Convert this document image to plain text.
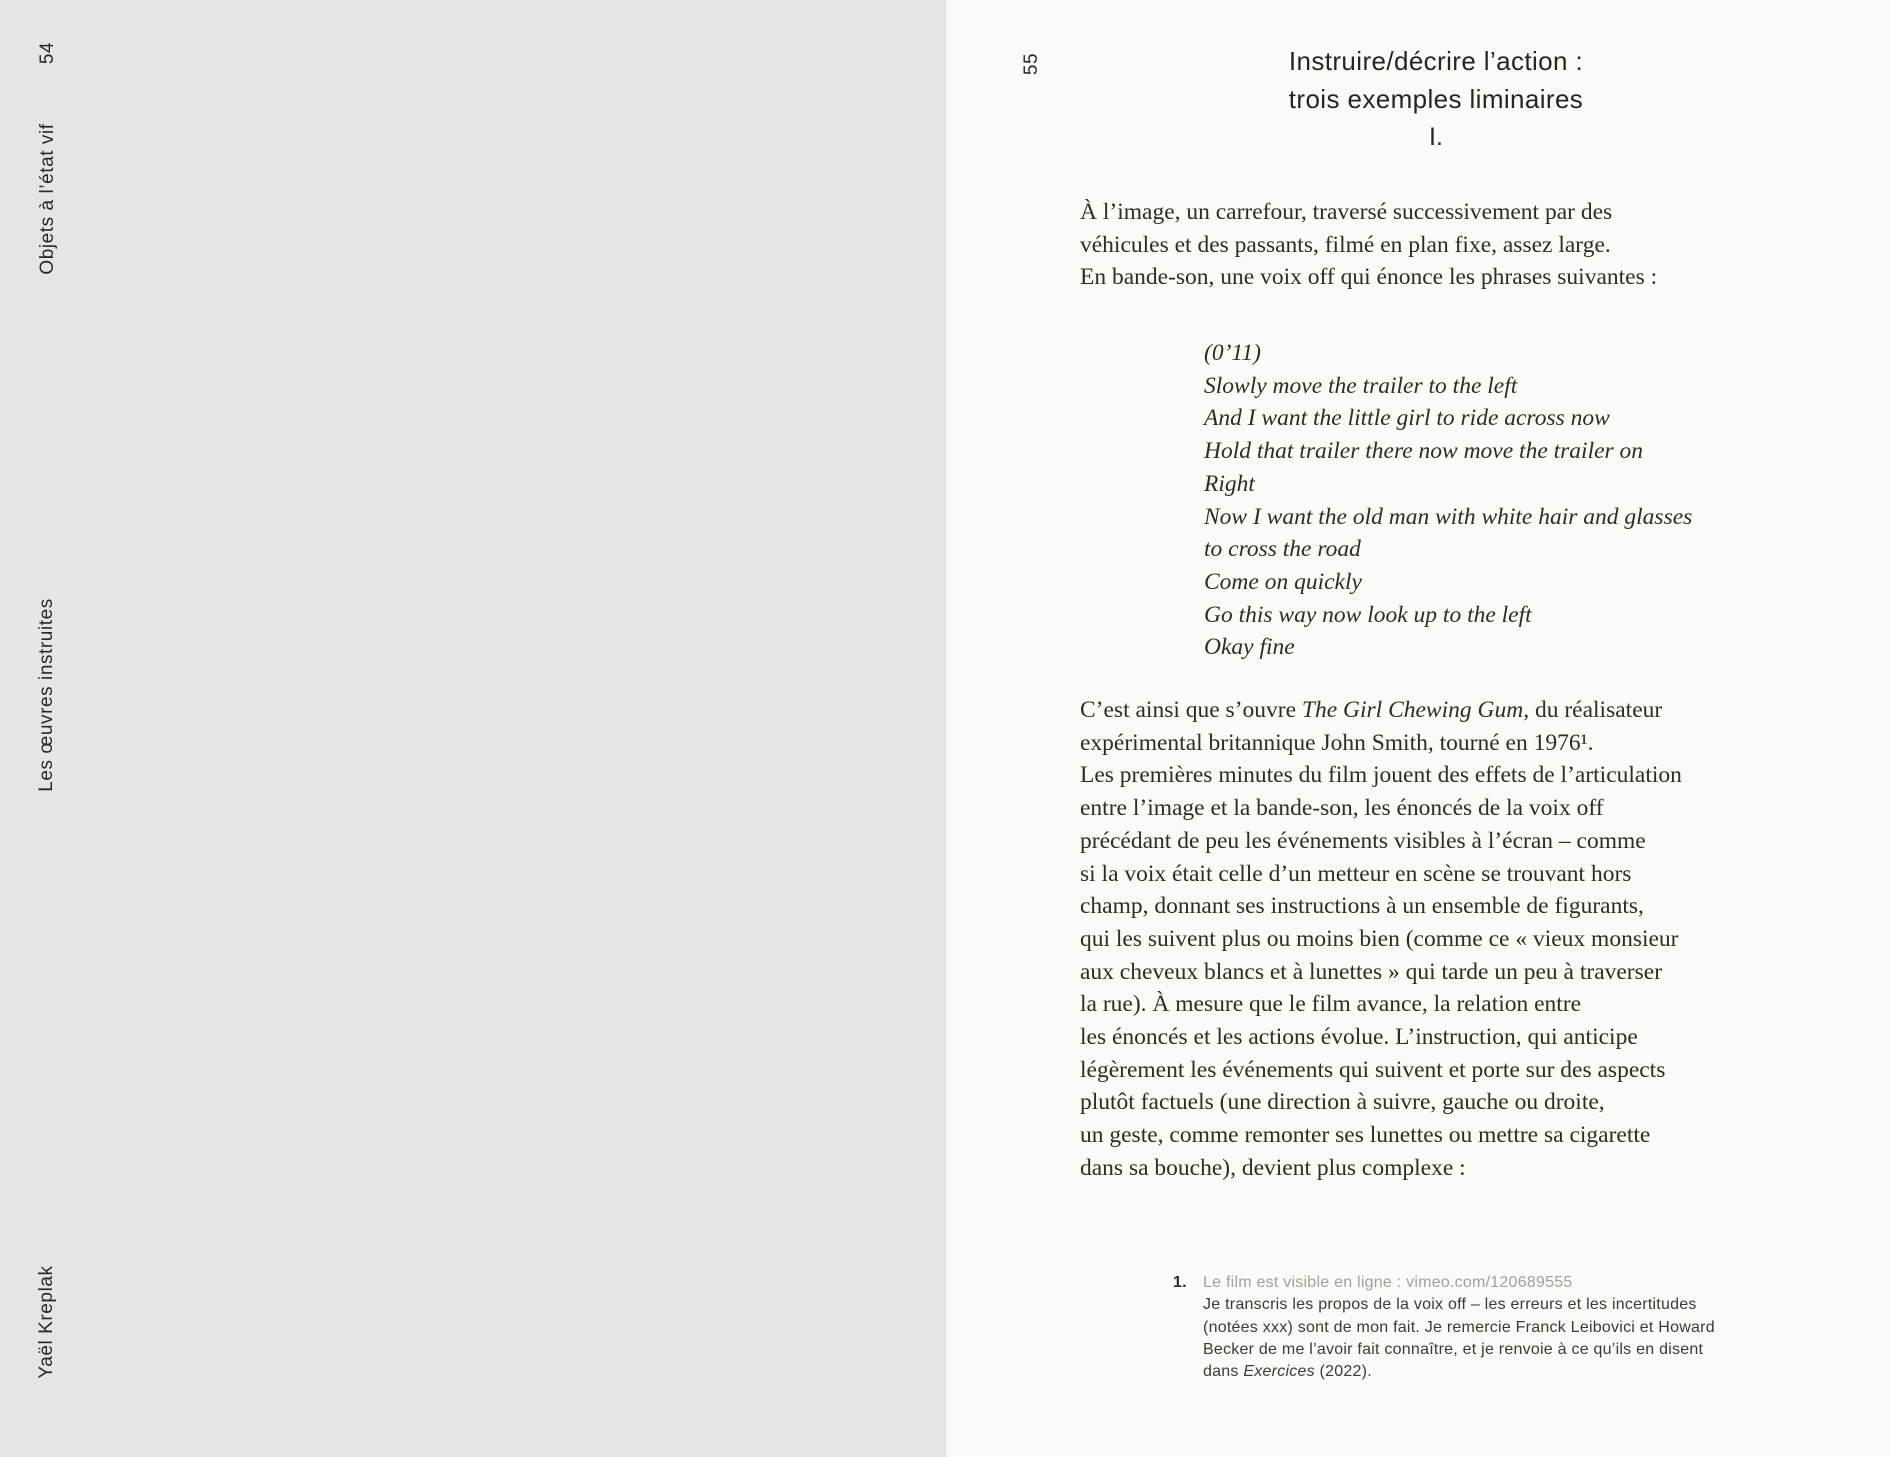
54
Objets à l’état vif
Les œuvres instruites
Yaël Kreplak
55	Instruire/décrire l’action :
trois exemples liminaires
I.
À l’image, un carrefour, traversé successivement par des
véhicules et des passants, filmé en plan fixe, assez large.
En bande-son, une voix off qui énonce les phrases suivantes :
(0’11)
Slowly move the trailer to the left
And I want the little girl to ride across now
Hold that trailer there now move the trailer on
Right
Now I want the old man with white hair and glasses
to cross the road
Come on quickly
Go this way now look up to the left
Okay fine
C’est ainsi que s’ouvre The Girl Chewing Gum, du réalisateur
expérimental britannique John Smith, tourné en 1976¹.
Les premières minutes du film jouent des effets de l’articulation
entre l’image et la bande-son, les énoncés de la voix off
précédant de peu les événements visibles à l’écran – comme
si la voix était celle d’un metteur en scène se trouvant hors
champ, donnant ses instructions à un ensemble de figurants,
qui les suivent plus ou moins bien (comme ce « vieux monsieur
aux cheveux blancs et à lunettes » qui tarde un peu à traverser
la rue). À mesure que le film avance, la relation entre
les énoncés et les actions évolue. L’instruction, qui anticipe
légèrement les événements qui suivent et porte sur des aspects
plutôt factuels (une direction à suivre, gauche ou droite,
un geste, comme remonter ses lunettes ou mettre sa cigarette
dans sa bouche), devient plus complexe :
1.	Le film est visible en ligne : vimeo.com/120689555
Je transcris les propos de la voix off – les erreurs et les incertitudes
(notées xxx) sont de mon fait. Je remercie Franck Leibovici et Howard
Becker de me l’avoir fait connaître, et je renvoie à ce qu’ils en disent
dans Exercices (2022).
